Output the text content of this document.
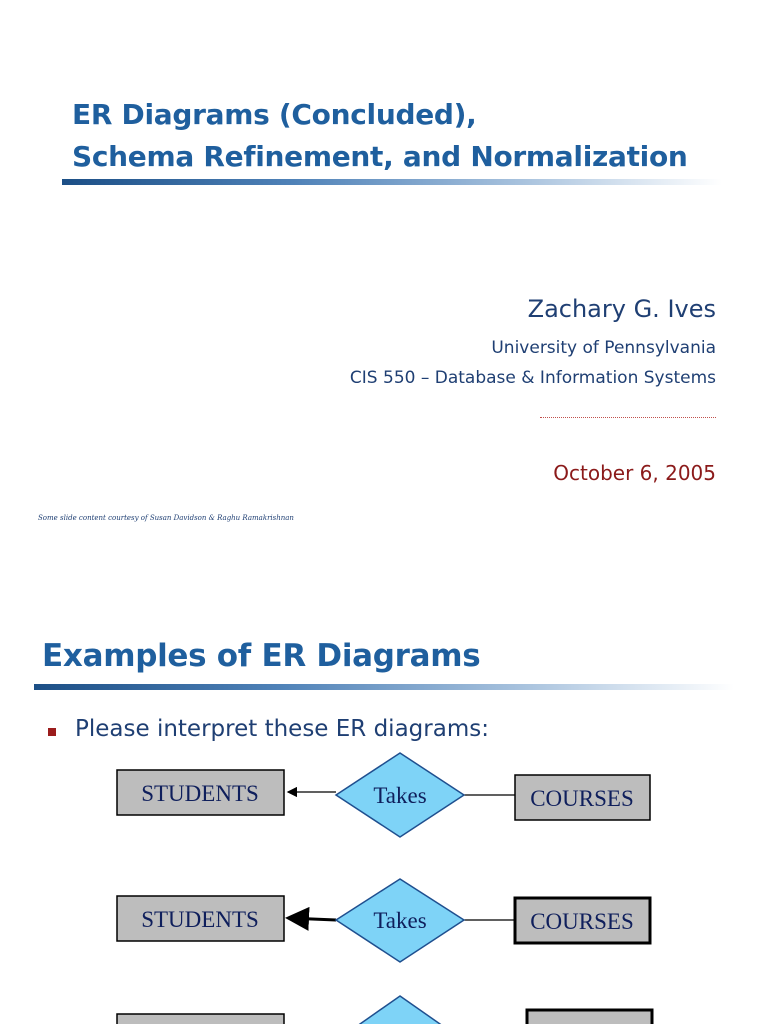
ER Diagrams (Concluded),
Schema Refinement, and Normalization
Zachary G. Ives
University of Pennsylvania
CIS 550 – Database & Information Systems
October 6, 2005
Some slide content courtesy of Susan Davidson & Raghu Ramakrishnan
Examples of ER Diagrams
Please interpret these ER diagrams:
STUDENTS	Takes	COURSES
STUDENTS	Takes	COURSES
